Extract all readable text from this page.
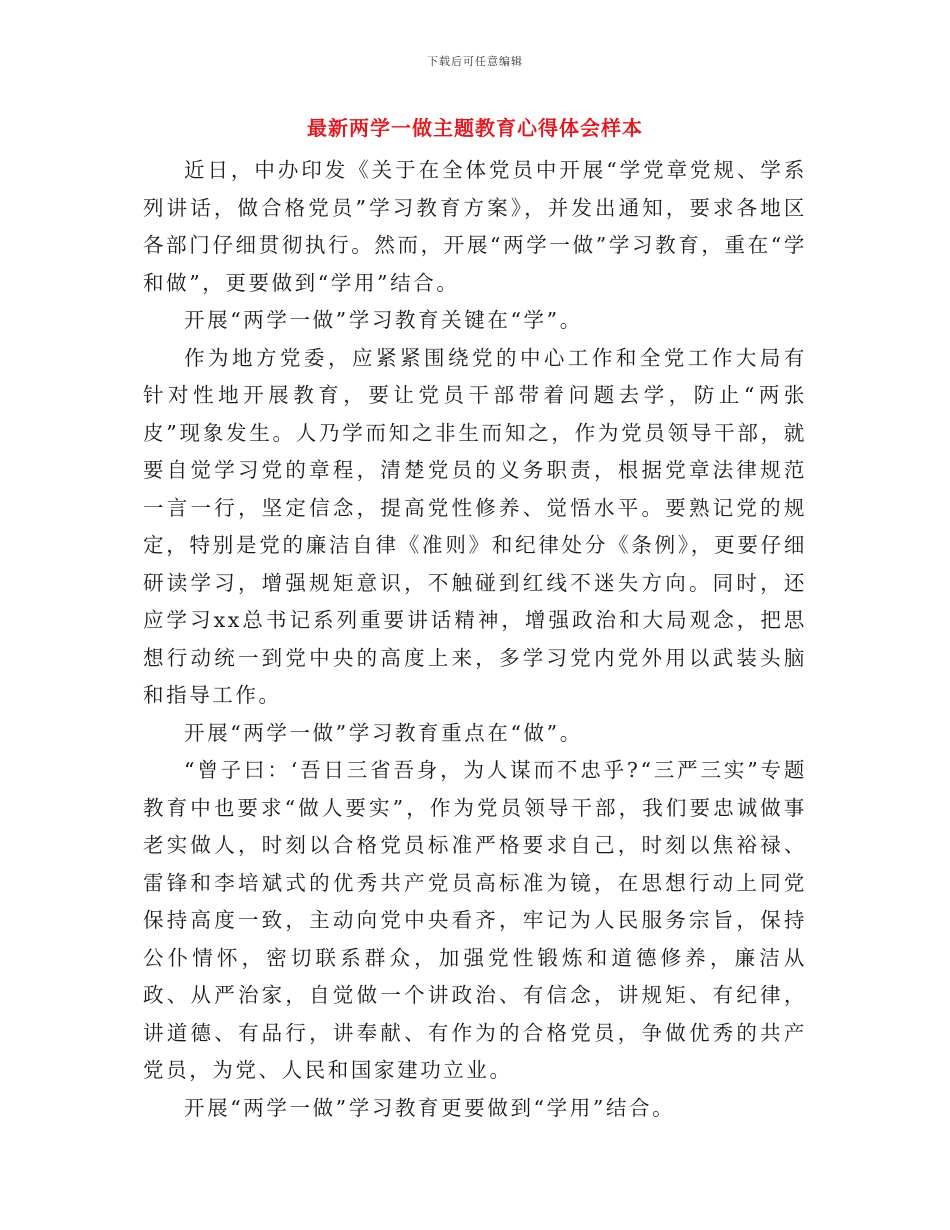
下载后可任意编辑
最新两学一做主题教育心得体会样本

近日，中办印发《关于在全体党员中开展“学党章党规、学系列讲话，做合格党员”学习教育方案》，并发出通知，要求各地区各部门仔细贯彻执行。然而，开展“两学一做”学习教育，重在“学和做”，更要做到“学用”结合。

开展“两学一做”学习教育关键在“学”。

作为地方党委，应紧紧围绕党的中心工作和全党工作大局有针对性地开展教育，要让党员干部带着问题去学，防止“两张皮”现象发生。人乃学而知之非生而知之，作为党员领导干部，就要自觉学习党的章程，清楚党员的义务职责，根据党章法律规范一言一行，坚定信念，提高党性修养、觉悟水平。要熟记党的规定，特别是党的廉洁自律《准则》和纪律处分《条例》，更要仔细研读学习，增强规矩意识，不触碰到红线不迷失方向。同时，还应学习xx总书记系列重要讲话精神，增强政治和大局观念，把思想行动统一到党中央的高度上来，多学习党内党外用以武装头脑和指导工作。

开展“两学一做”学习教育重点在“做”。

“曾子曰：‘吾日三省吾身，为人谋而不忠乎?“三严三实”专题教育中也要求“做人要实”，作为党员领导干部，我们要忠诚做事老实做人，时刻以合格党员标准严格要求自己，时刻以焦裕禄、雷锋和李培斌式的优秀共产党员高标准为镜，在思想行动上同党保持高度一致，主动向党中央看齐，牢记为人民服务宗旨，保持公仆情怀，密切联系群众，加强党性锻炼和道德修养，廉洁从政、从严治家，自觉做一个讲政治、有信念，讲规矩、有纪律，讲道德、有品行，讲奉献、有作为的合格党员，争做优秀的共产党员，为党、人民和国家建功立业。

开展“两学一做”学习教育更要做到“学用”结合。
